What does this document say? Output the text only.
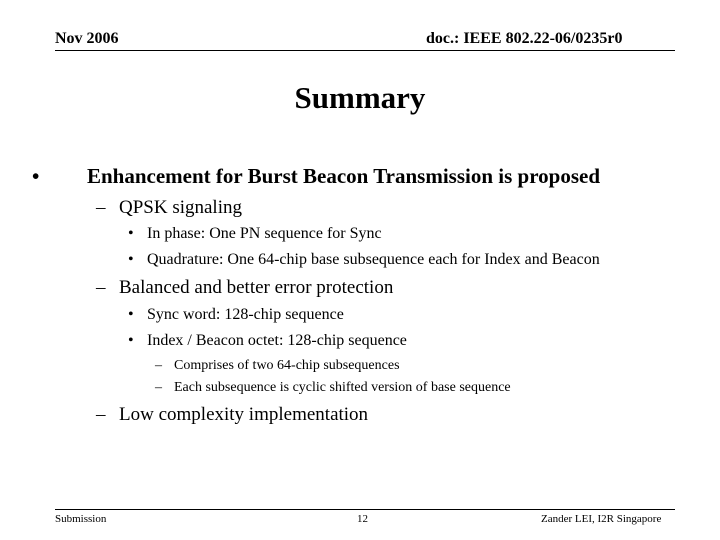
Nov 2006	doc.: IEEE 802.22-06/0235r0
Summary
• Enhancement for Burst Beacon Transmission is proposed
– QPSK signaling
• In phase: One PN sequence for Sync
• Quadrature: One 64-chip base subsequence each for Index and Beacon
– Balanced and better error protection
• Sync word: 128-chip sequence
• Index / Beacon octet: 128-chip sequence
– Comprises of two 64-chip subsequences
– Each subsequence is cyclic shifted version of base sequence
– Low complexity implementation
Submission	12	Zander LEI, I2R Singapore
